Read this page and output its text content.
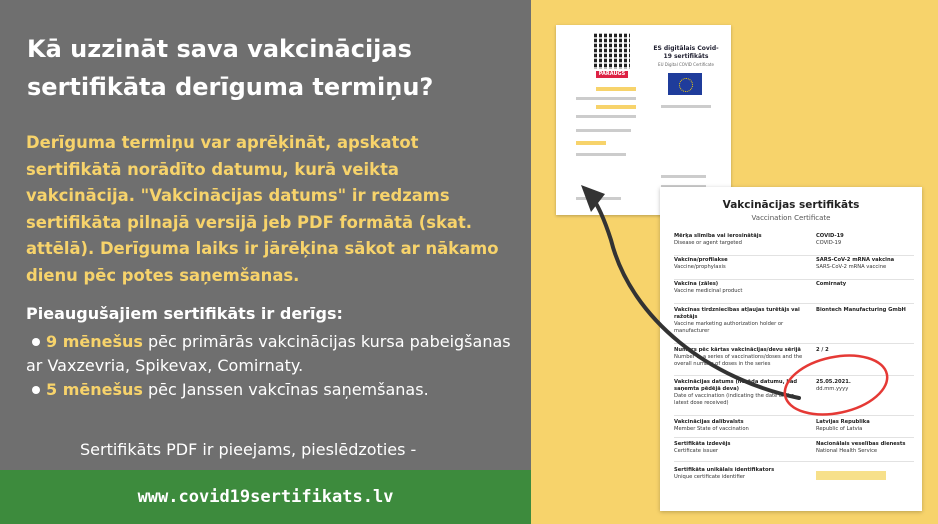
Kā uzzināt sava vakcinācijas sertifikāta derīguma termiņu?
Derīguma termiņu var aprēķināt, apskatot sertifikātā norādīto datumu, kurā veikta vakcinācija. "Vakcinācijas datums" ir redzams sertifikāta pilnajā versijā jeb PDF formātā (skat. attēlā). Derīguma laiks ir jārēķina sākot ar nākamo dienu pēc potes saņemšanas.
Pieaugušajiem sertifikāts ir derīgs:
9 mēnešus pēc primārās vakcinācijas kursa pabeigšanas ar Vaxzevria, Spikevax, Comirnaty.
5 mēnešus pēc Janssen vakcīnas saņemšanas.
Sertifikāts PDF ir pieejams, pieslēdzoties -
www.covid19sertifikats.lv
PARAUGS
ES digitālais Covid-19 sertifikāts
EU Digital COVID Certificate
Vakcinācijas sertifikāts
Vaccination Certificate
Mērķa slimība vai ierosinātājs
Disease or agent targeted
COVID-19
COVID-19
Vakcīna/profilakse
Vaccine/prophylaxis
SARS-CoV-2 mRNA vakcīna
SARS-CoV-2 mRNA vaccine
Vakcīna (zāles)
Vaccine medicinal product
Comirnaty
Vakcīnas tirdzniecības atļaujas turētājs vai ražotājs
Vaccine marketing authorization holder or manufacturer
Biontech Manufacturing GmbH
Numurs pēc kārtas vakcinācijas/devu sērijā
Number in a series of vaccinations/doses and the overall number of doses in the series
2 / 2
Vakcinācijas datums (norāda datumu, kad saņemta pēdējā deva)
Date of vaccination (indicating the date of the latest dose received)
25.05.2021.
dd.mm.yyyy
Vakcinācijas dalībvalsts
Member State of vaccination
Latvijas Republika
Republic of Latvia
Sertifikāta izdevējs
Certificate issuer
Nacionālais veselības dienests
National Health Service
Sertifikāta unikālais identifikators
Unique certificate identifier
